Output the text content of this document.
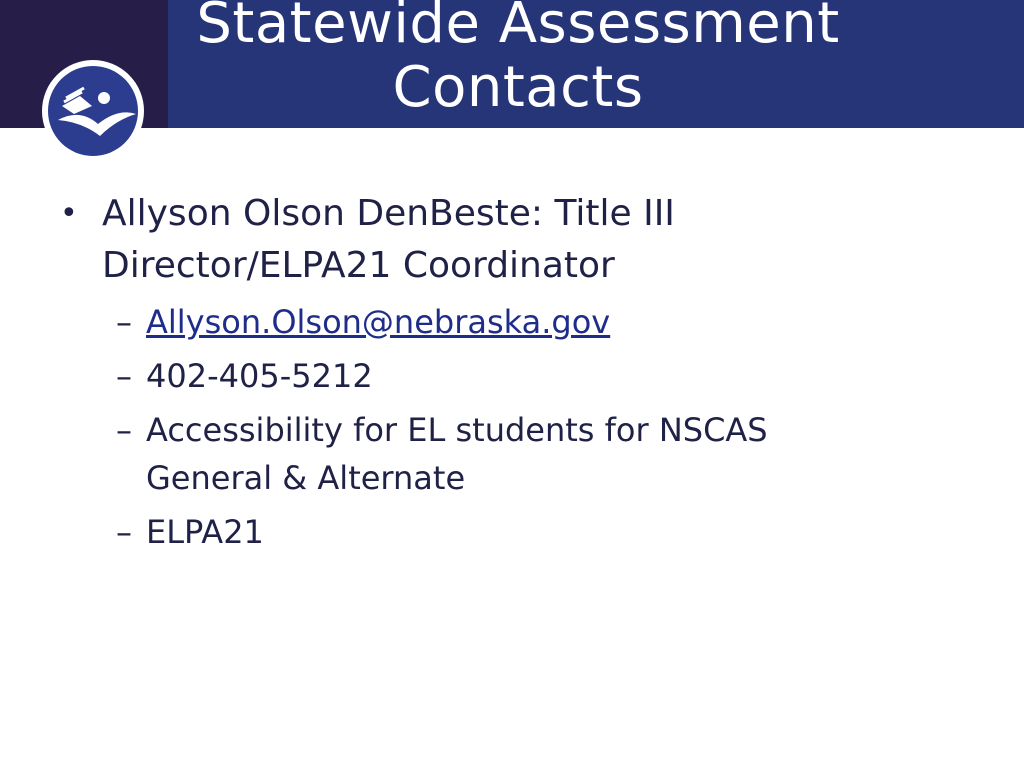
Statewide Assessment
Contacts
• Allyson Olson DenBeste: Title III
Director/ELPA21 Coordinator
– Allyson.Olson@nebraska.gov
– 402-405-5212
– Accessibility for EL students for NSCAS
General & Alternate
– ELPA21
